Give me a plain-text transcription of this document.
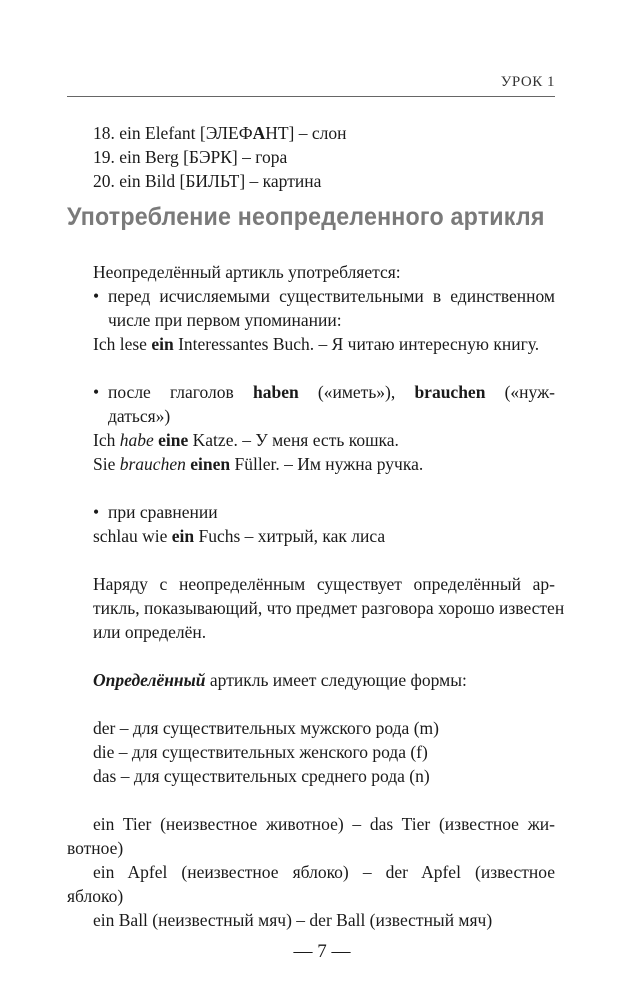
УРОК 1
18. ein Elefant [ЭЛЕФАНТ] – слон
19. ein Berg [БЭРК] – гора
20. ein Bild [БИЛЬТ] – картина
Употребление неопределенного артикля
Неопределённый артикль употребляется:
• перед исчисляемыми существительными в единственном
числе при первом упоминании:
Ich lese ein Interessantes Buch. – Я читаю интересную книгу.
• после глаголов haben («иметь»), brauchen («нуж-
даться»)
Ich habe eine Katze. – У меня есть кошка.
Sie brauchen einen Füller. – Им нужна ручка.
• при сравнении
schlau wie ein Fuchs – хитрый, как лиса
Наряду с неопределённым существует определённый ар-
тикль, показывающий, что предмет разговора хорошо известен
или определён.
Определённый артикль имеет следующие формы:
der – для существительных мужского рода (m)
die – для существительных женского рода (f)
das – для существительных среднего рода (n)
ein Tier (неизвестное животное) – das Tier (известное жи-
вотное)
ein Apfel (неизвестное яблоко) – der Apfel (известное
яблоко)
ein Ball (неизвестный мяч) – der Ball (известный мяч)
— 7 —
